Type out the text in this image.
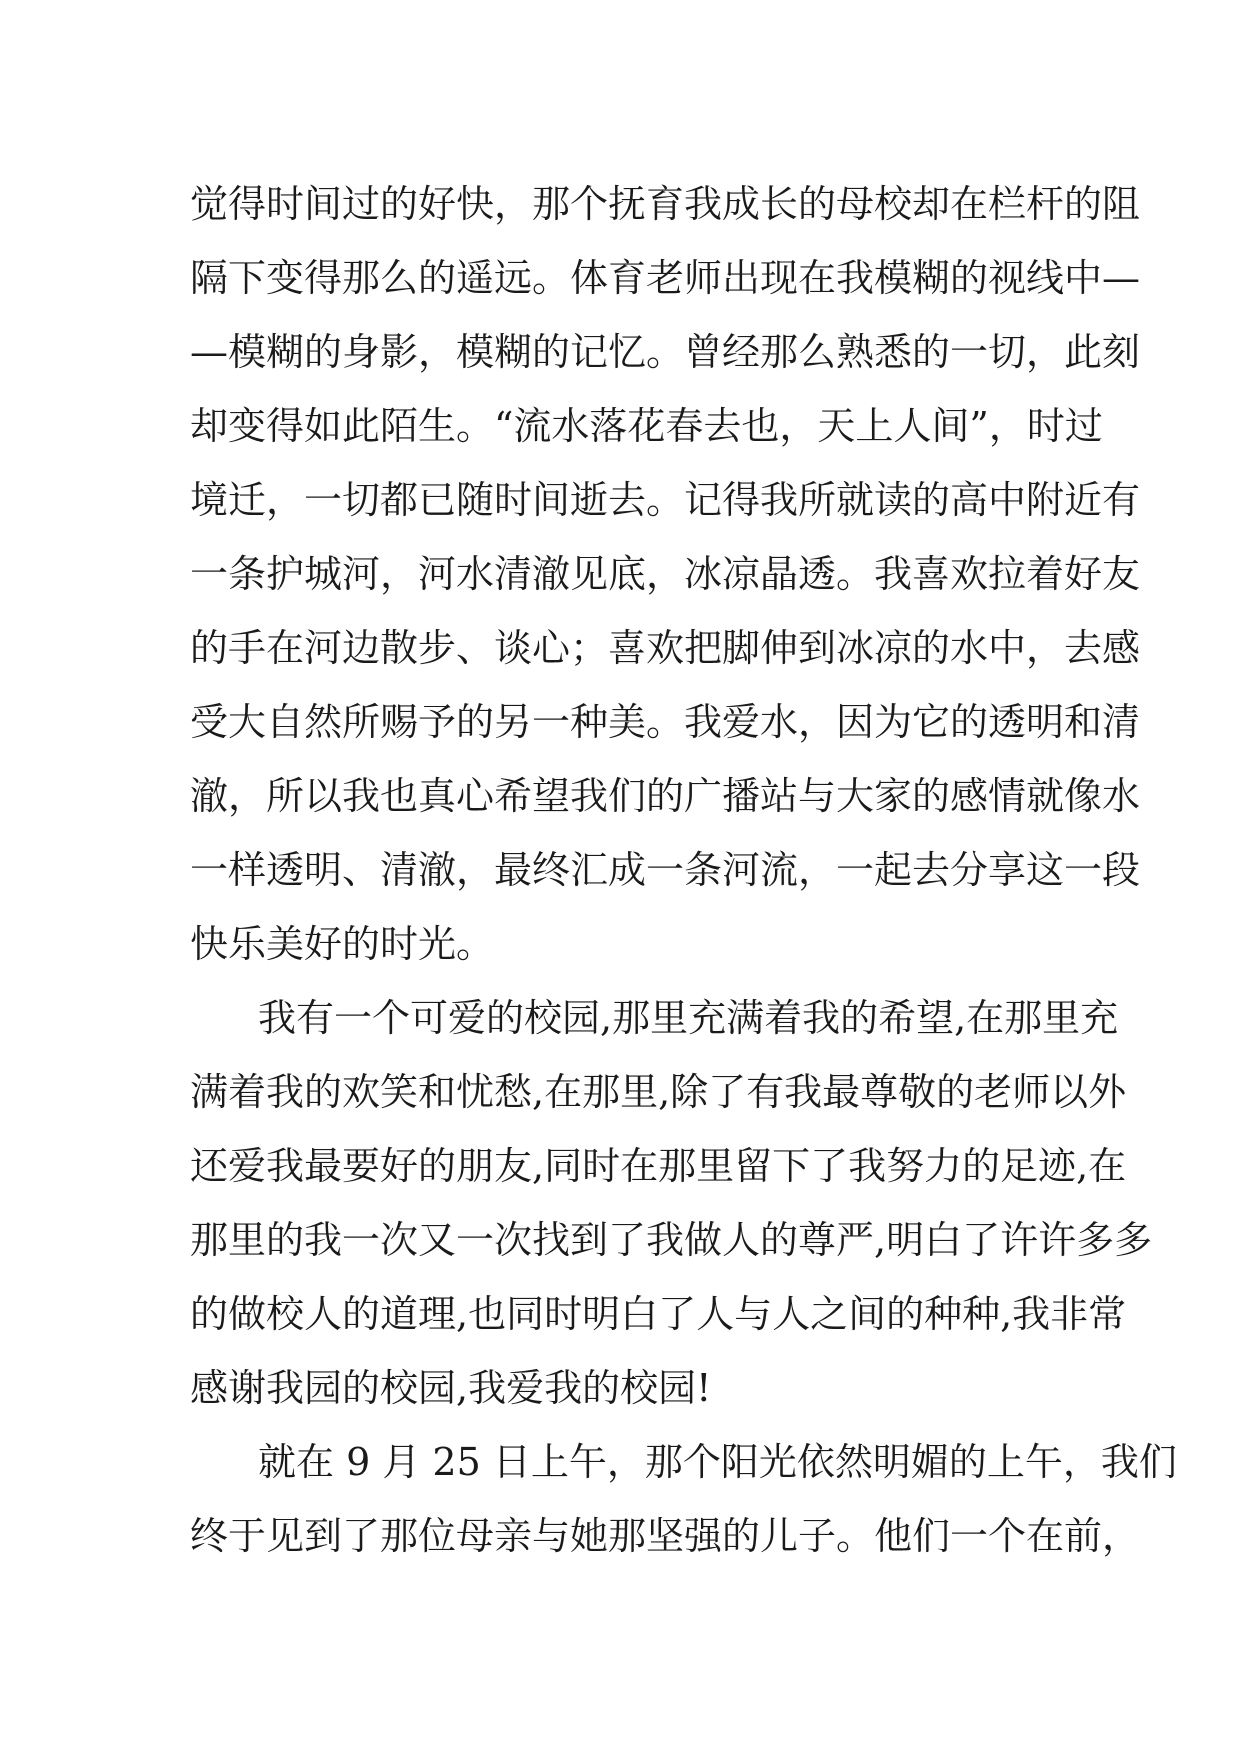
觉得时间过的好快，那个抚育我成长的母校却在栏杆的阻
隔下变得那么的遥远。体育老师出现在我模糊的视线中—
—模糊的身影，模糊的记忆。曾经那么熟悉的一切，此刻
却变得如此陌生。“流水落花春去也，天上人间”，时过
境迁，一切都已随时间逝去。记得我所就读的高中附近有
一条护城河，河水清澈见底，冰凉晶透。我喜欢拉着好友
的手在河边散步、谈心；喜欢把脚伸到冰凉的水中，去感
受大自然所赐予的另一种美。我爱水，因为它的透明和清
澈，所以我也真心希望我们的广播站与大家的感情就像水
一样透明、清澈，最终汇成一条河流，一起去分享这一段
快乐美好的时光。
我有一个可爱的校园,那里充满着我的希望,在那里充
满着我的欢笑和忧愁,在那里,除了有我最尊敬的老师以外
还爱我最要好的朋友,同时在那里留下了我努力的足迹,在
那里的我一次又一次找到了我做人的尊严,明白了许许多多
的做校人的道理,也同时明白了人与人之间的种种,我非常
感谢我园的校园,我爱我的校园!
就在 9 月 25 日上午，那个阳光依然明媚的上午，我们
终于见到了那位母亲与她那坚强的儿子。他们一个在前，
